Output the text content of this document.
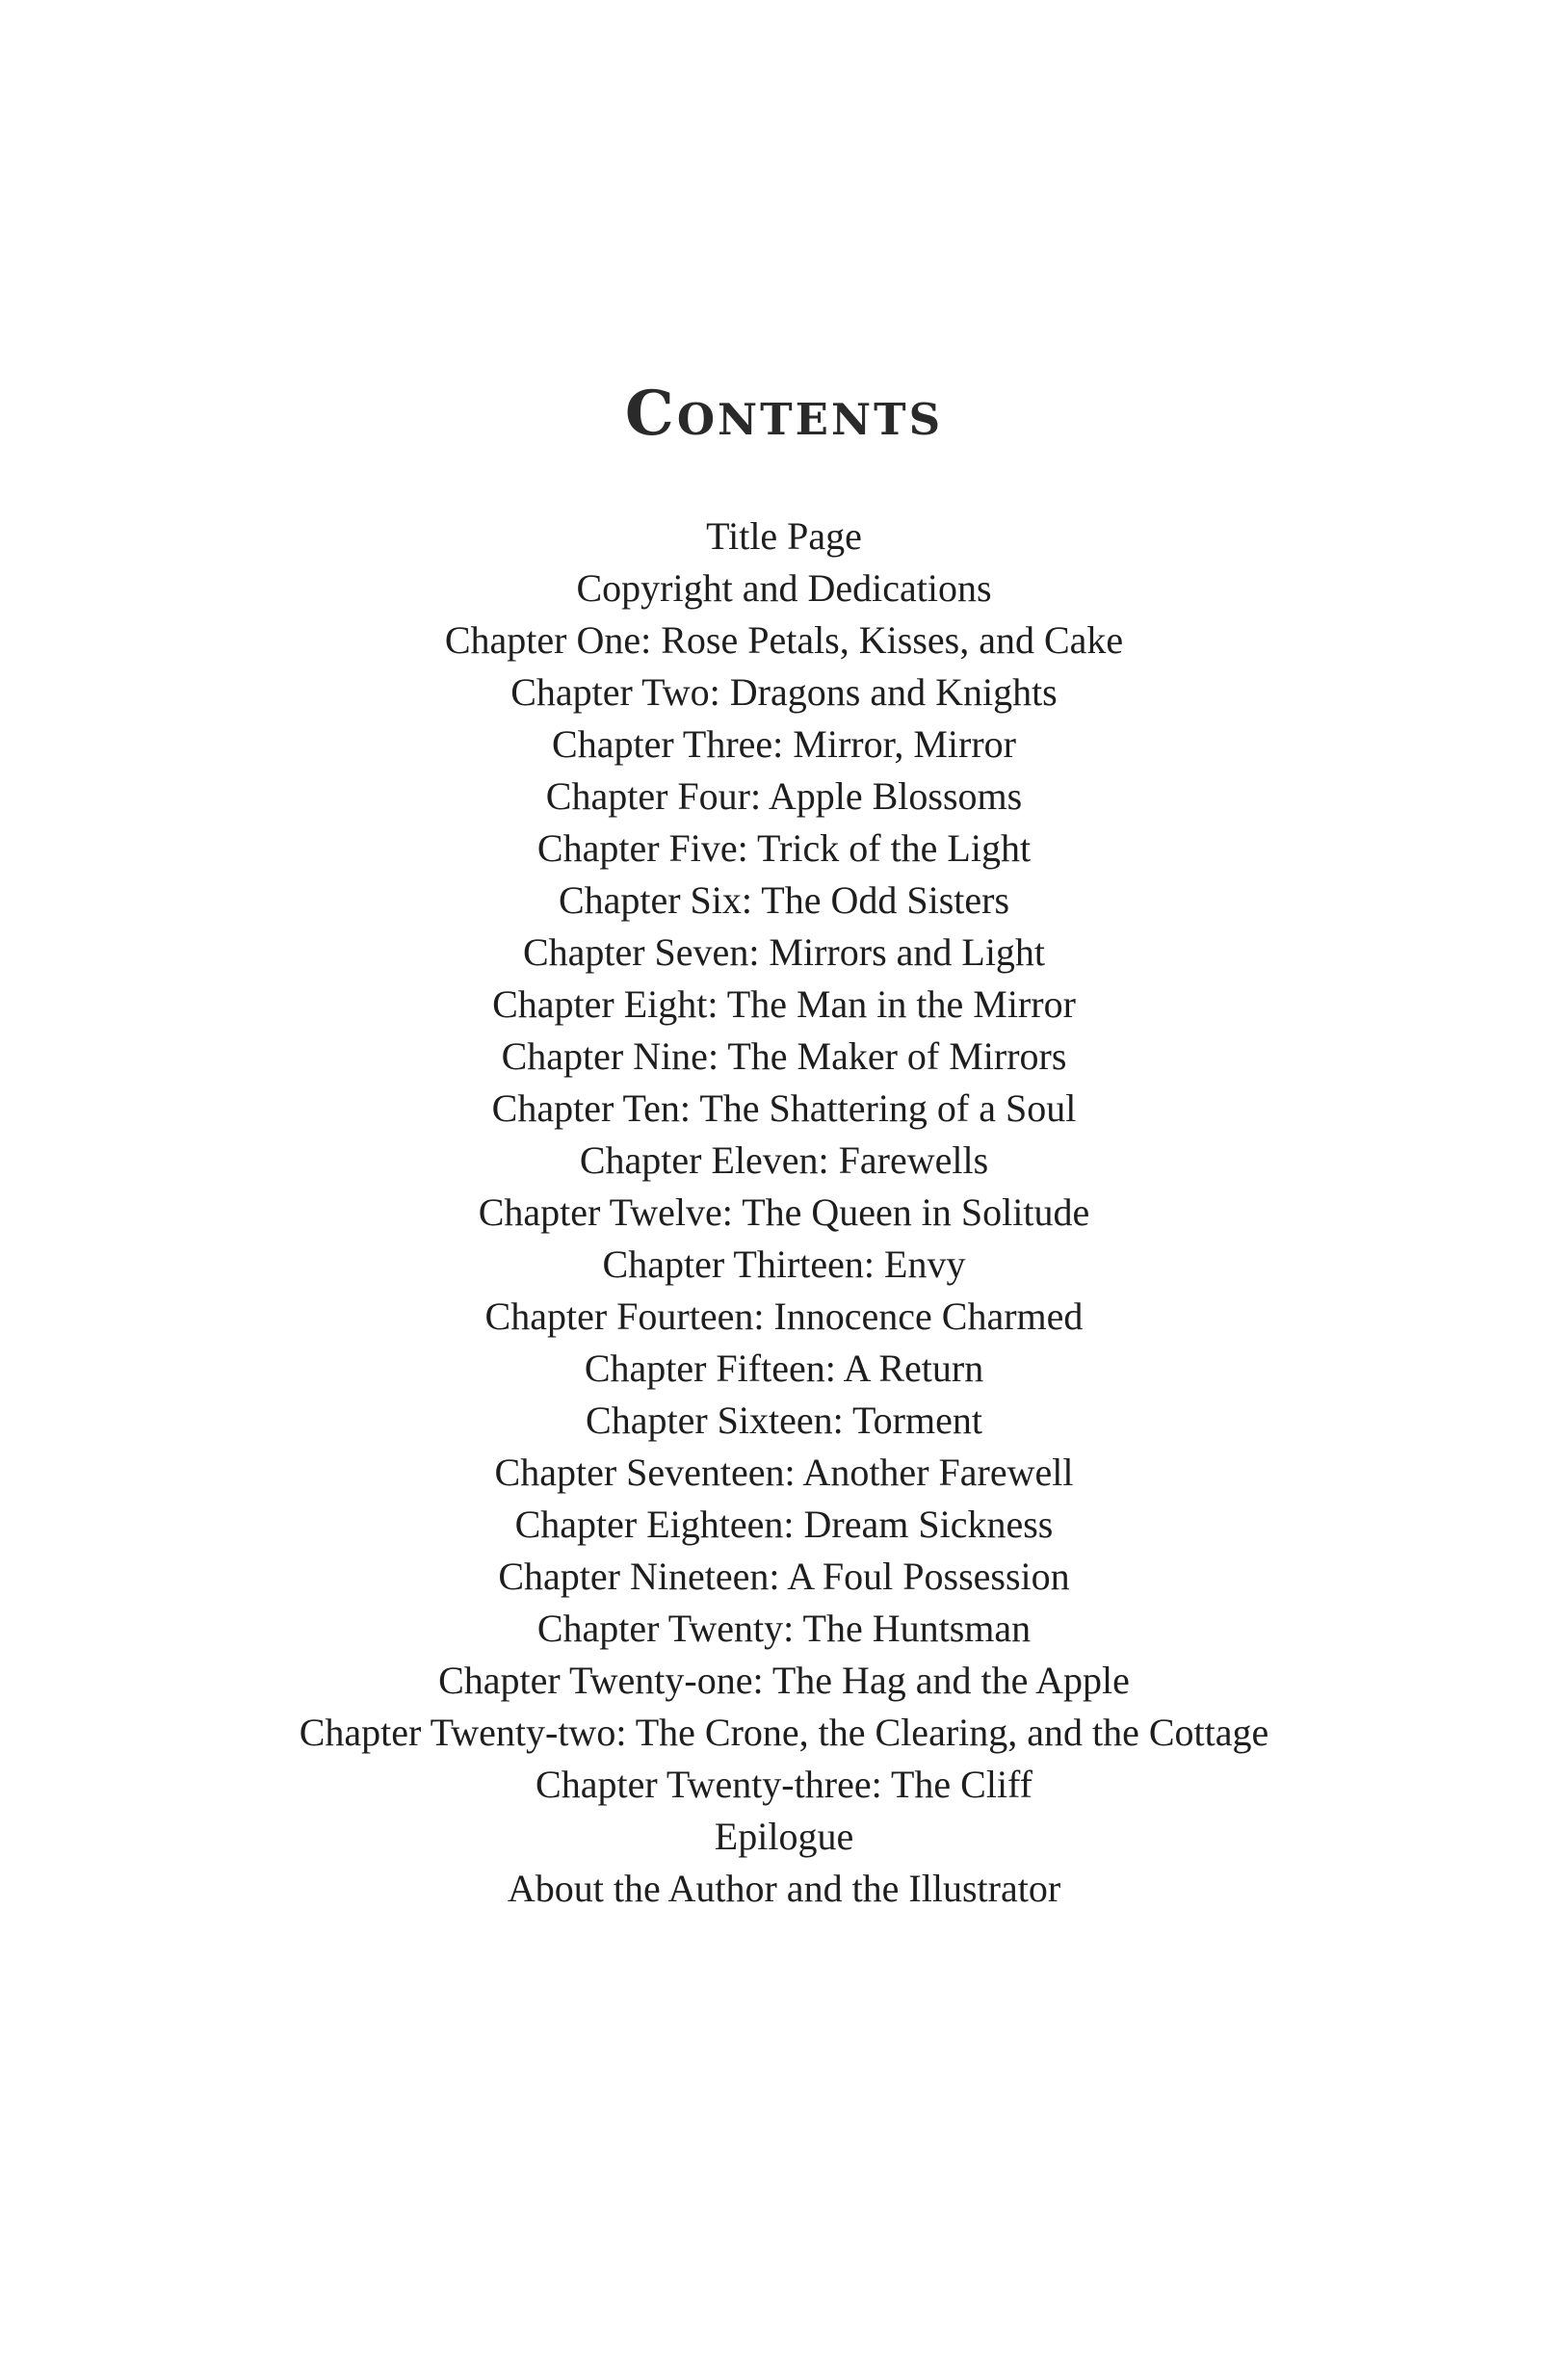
Contents
Title Page
Copyright and Dedications
Chapter One: Rose Petals, Kisses, and Cake
Chapter Two: Dragons and Knights
Chapter Three: Mirror, Mirror
Chapter Four: Apple Blossoms
Chapter Five: Trick of the Light
Chapter Six: The Odd Sisters
Chapter Seven: Mirrors and Light
Chapter Eight: The Man in the Mirror
Chapter Nine: The Maker of Mirrors
Chapter Ten: The Shattering of a Soul
Chapter Eleven: Farewells
Chapter Twelve: The Queen in Solitude
Chapter Thirteen: Envy
Chapter Fourteen: Innocence Charmed
Chapter Fifteen: A Return
Chapter Sixteen: Torment
Chapter Seventeen: Another Farewell
Chapter Eighteen: Dream Sickness
Chapter Nineteen: A Foul Possession
Chapter Twenty: The Huntsman
Chapter Twenty-one: The Hag and the Apple
Chapter Twenty-two: The Crone, the Clearing, and the Cottage
Chapter Twenty-three: The Cliff
Epilogue
About the Author and the Illustrator
